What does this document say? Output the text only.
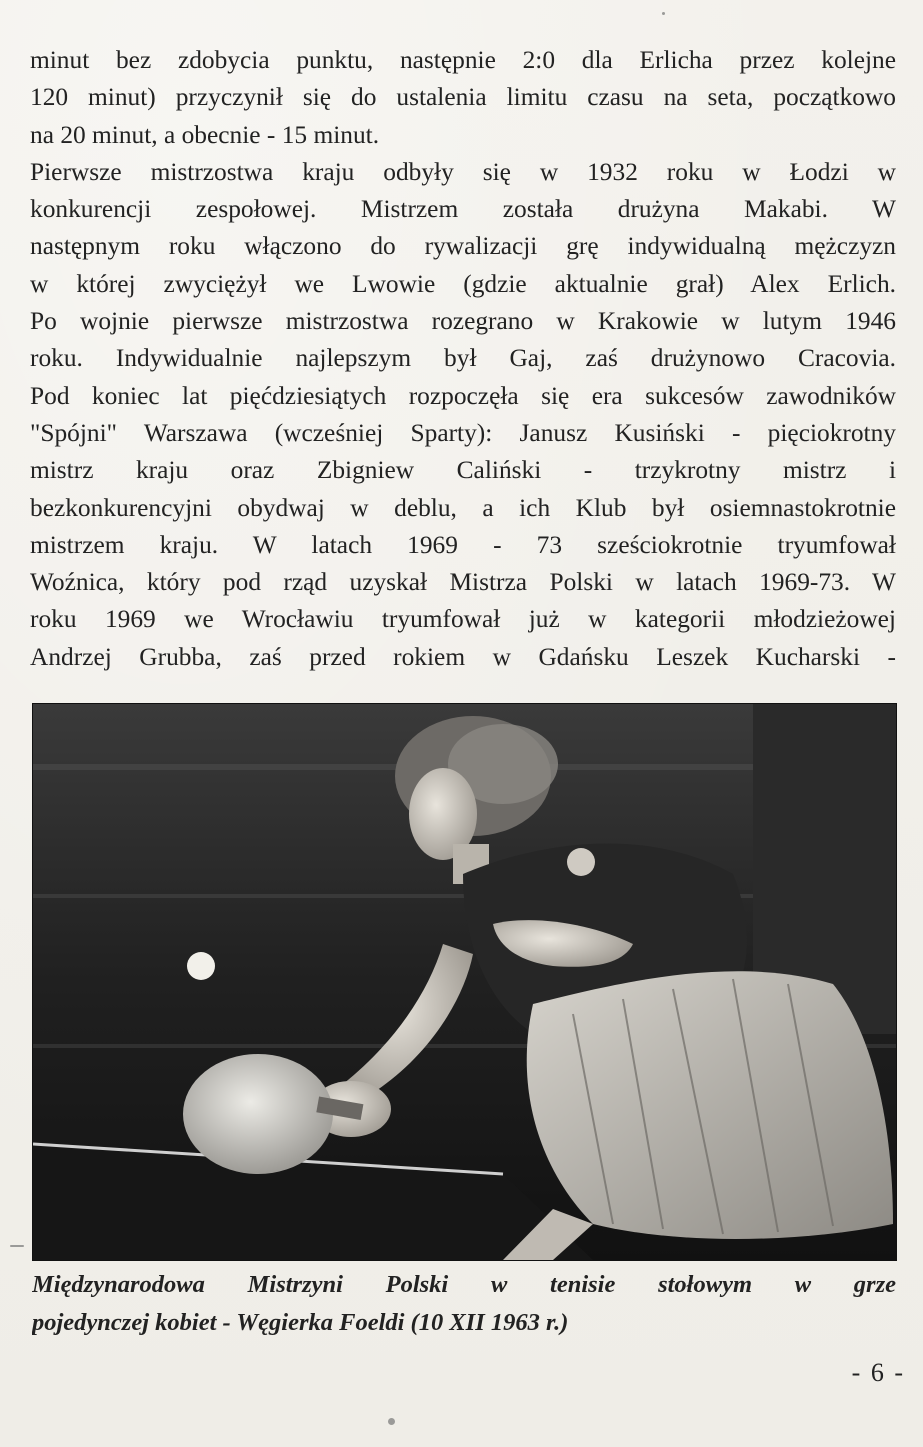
minut bez zdobycia punktu, następnie 2:0 dla Erlicha przez kolejne
120 minut) przyczynił się do ustalenia limitu czasu na seta, początkowo
na 20 minut, a obecnie - 15 minut.
Pierwsze mistrzostwa kraju odbyły się w 1932 roku w Łodzi w
konkurencji zespołowej. Mistrzem została drużyna Makabi. W
następnym roku włączono do rywalizacji grę indywidualną mężczyzn
w której zwyciężył we Lwowie (gdzie aktualnie grał) Alex Erlich.
Po wojnie pierwsze mistrzostwa rozegrano w Krakowie w lutym 1946
roku. Indywidualnie najlepszym był Gaj, zaś drużynowo Cracovia.
Pod koniec lat pięćdziesiątych rozpoczęła się era sukcesów zawodników
"Spójni" Warszawa (wcześniej Sparty): Janusz Kusiński - pięciokrotny
mistrz kraju oraz Zbigniew Caliński - trzykrotny mistrz i
bezkonkurencyjni obydwaj w deblu, a ich Klub był osiemnastokrotnie
mistrzem kraju. W latach 1969 - 73 sześciokrotnie tryumfował
Woźnica, który pod rząd uzyskał Mistrza Polski w latach 1969-73. W
roku 1969 we Wrocławiu tryumfował już w kategorii młodzieżowej
Andrzej Grubba, zaś przed rokiem w Gdańsku Leszek Kucharski -
Międzynarodowa Mistrzyni Polski w tenisie stołowym w grze
pojedynczej kobiet - Węgierka Foeldi (10 XII 1963 r.)
- 6 -
